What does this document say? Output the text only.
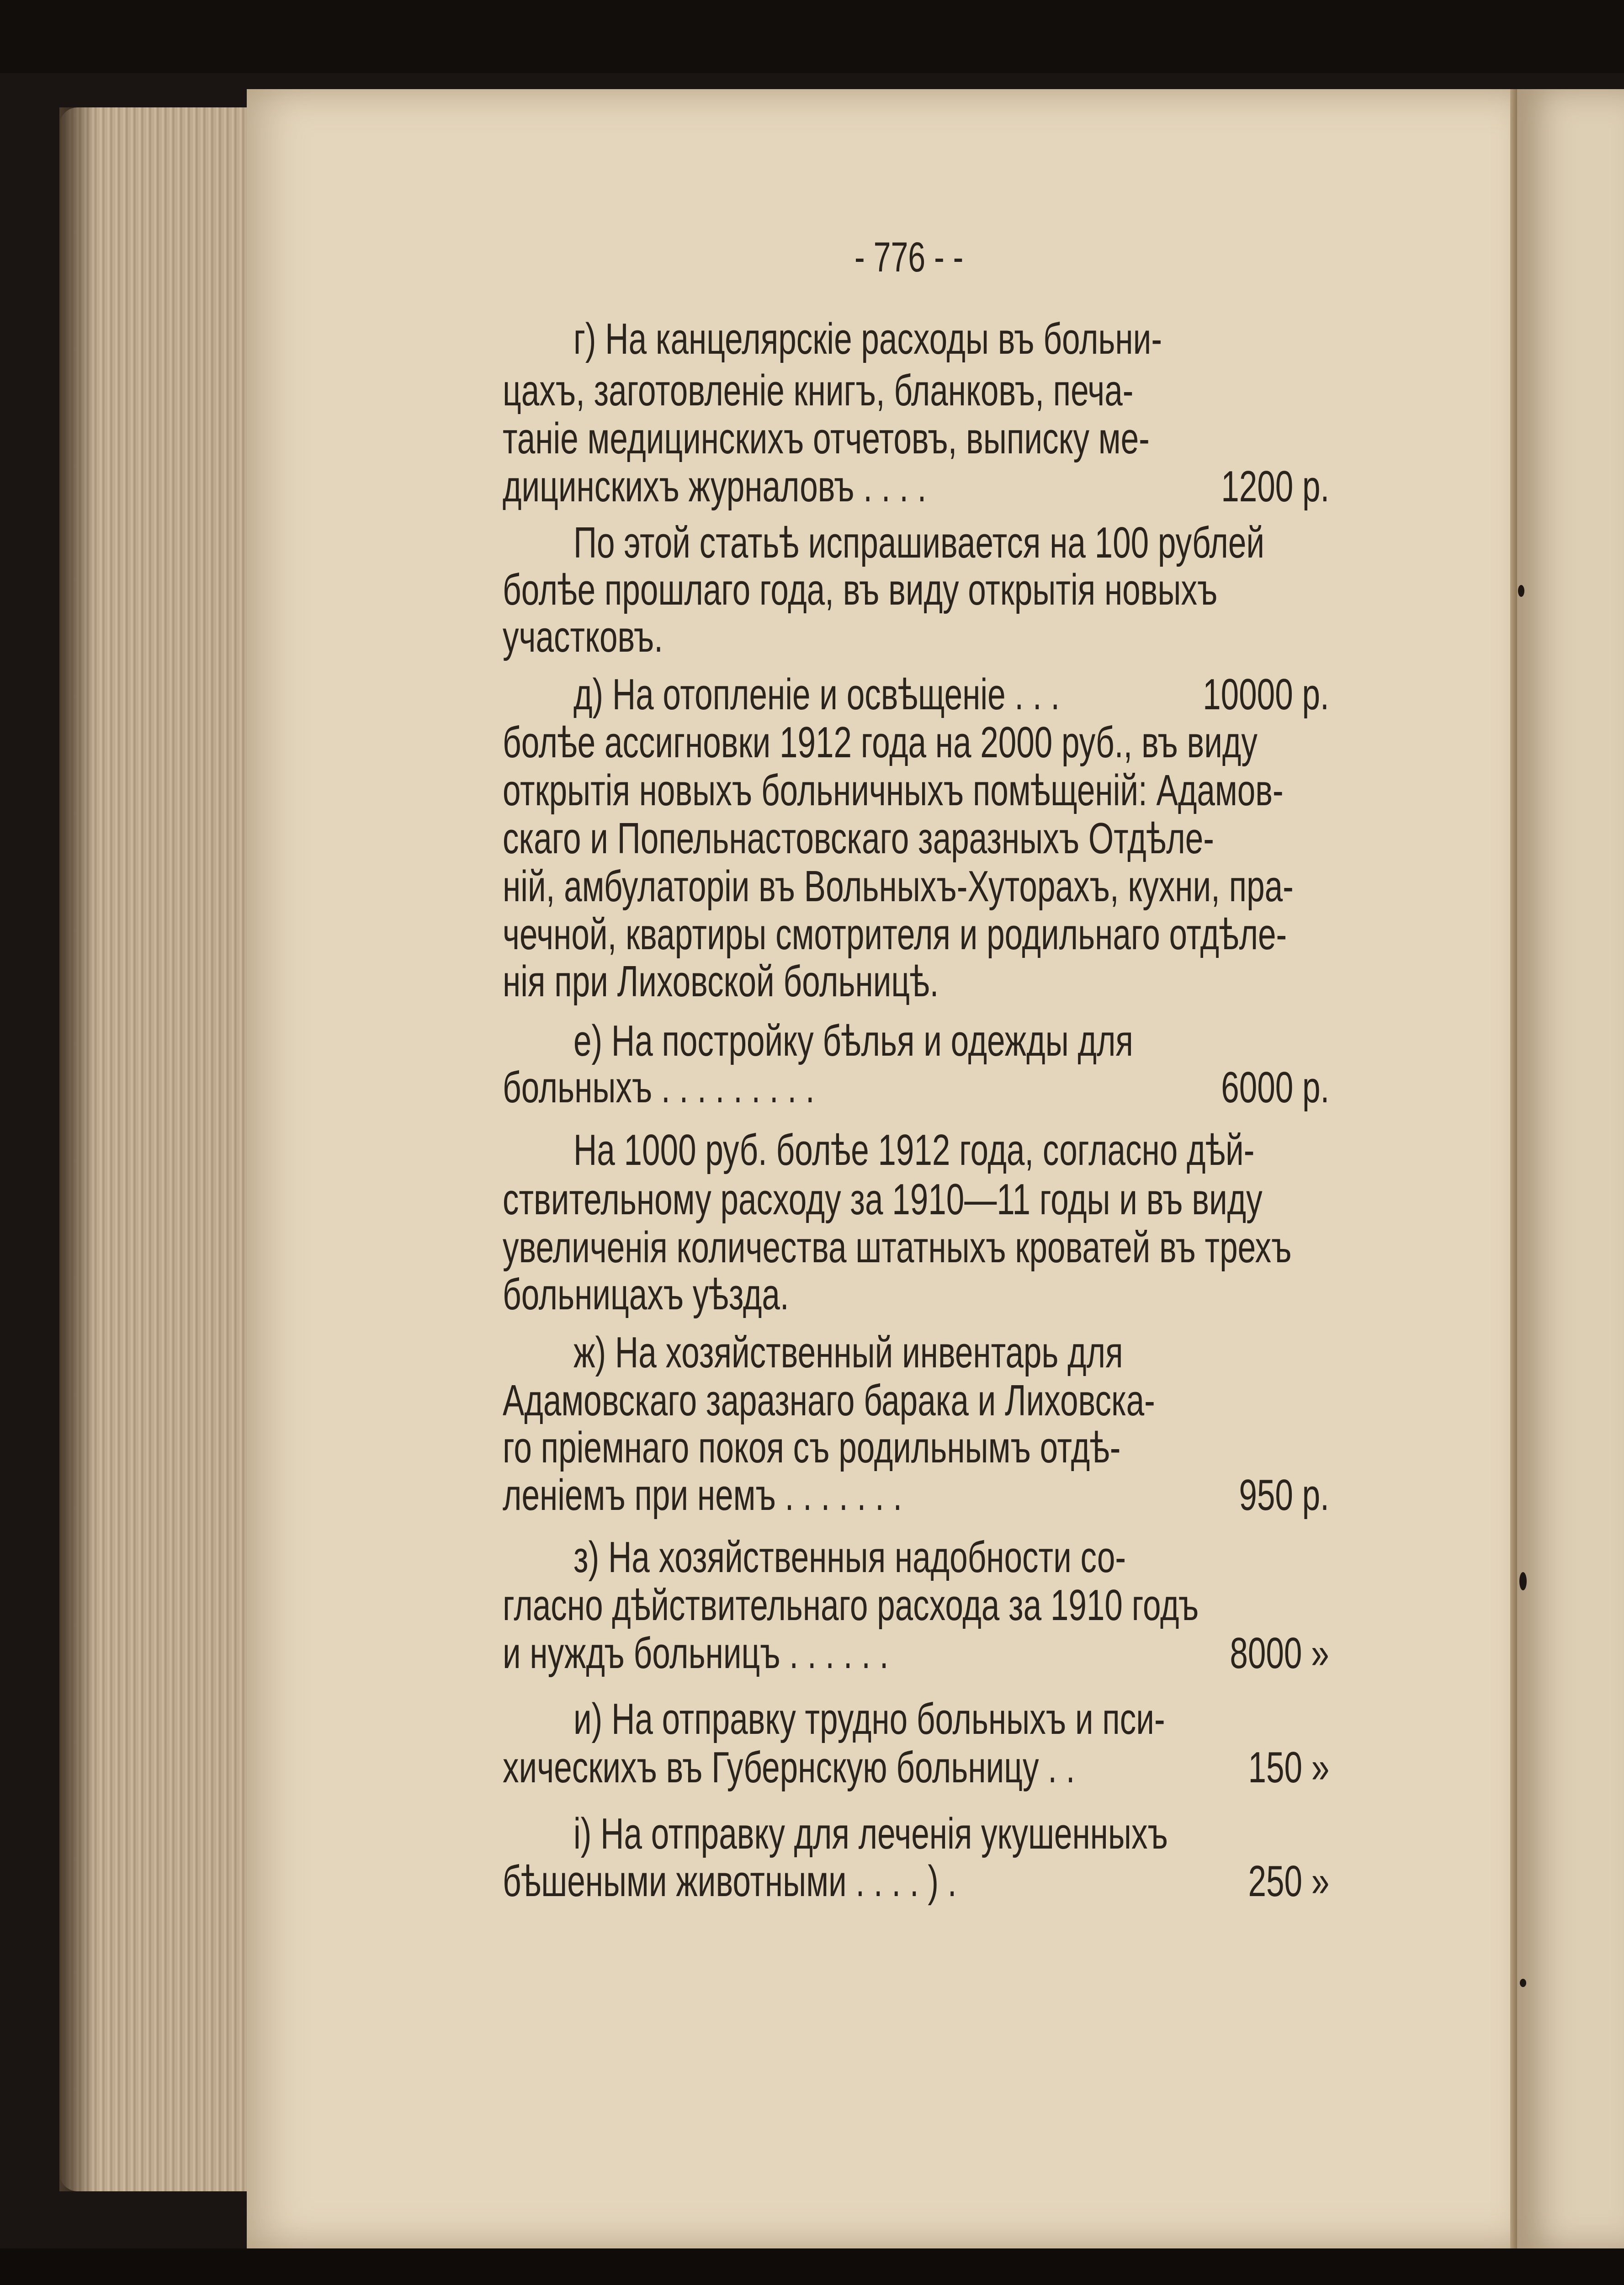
- 776 - -

г) На канцелярскіе расходы въ больни-

цахъ, заготовленіе книгъ, бланковъ, печа-

таніе медицинскихъ отчетовъ, выписку ме-

дицинскихъ журналовъ . . . .	1200 р.

По этой статьѣ испрашивается на 100 рублей

болѣе прошлаго года, въ виду открытія новыхъ

участковъ.

д) На отопленіе и освѣщеніе . . .	10000 р.

болѣе ассигновки 1912 года на 2000 руб., въ виду

открытія новыхъ больничныхъ помѣщеній: Адамов-

скаго и Попельнастовскаго заразныхъ Отдѣле-

ній, амбулаторіи въ Вольныхъ-Хуторахъ, кухни, пра-

чечной, квартиры смотрителя и родильнаго отдѣле-

нія при Лиховской больницѣ.

е) На постройку бѣлья и одежды для

больныхъ . . . . . . . . .	6000 р.

На 1000 руб. болѣе 1912 года, согласно дѣй-

ствительному расходу за 1910—11 годы и въ виду

увеличенія количества штатныхъ кроватей въ трехъ

больницахъ уѣзда.

ж) На хозяйственный инвентарь для

Адамовскаго заразнаго барака и Лиховска-

го пріемнаго покоя съ родильнымъ отдѣ-

леніемъ при немъ . . . . . . .	950 р.

з) На хозяйственныя надобности со-

гласно дѣйствительнаго расхода за 1910 годъ

и нуждъ больницъ . . . . . .	8000 »

и) На отправку трудно больныхъ и пси-

хическихъ въ Губернскую больницу . .	150 »

і) На отправку для леченія укушенныхъ

бѣшеными животными . . . . ) .	250 »
